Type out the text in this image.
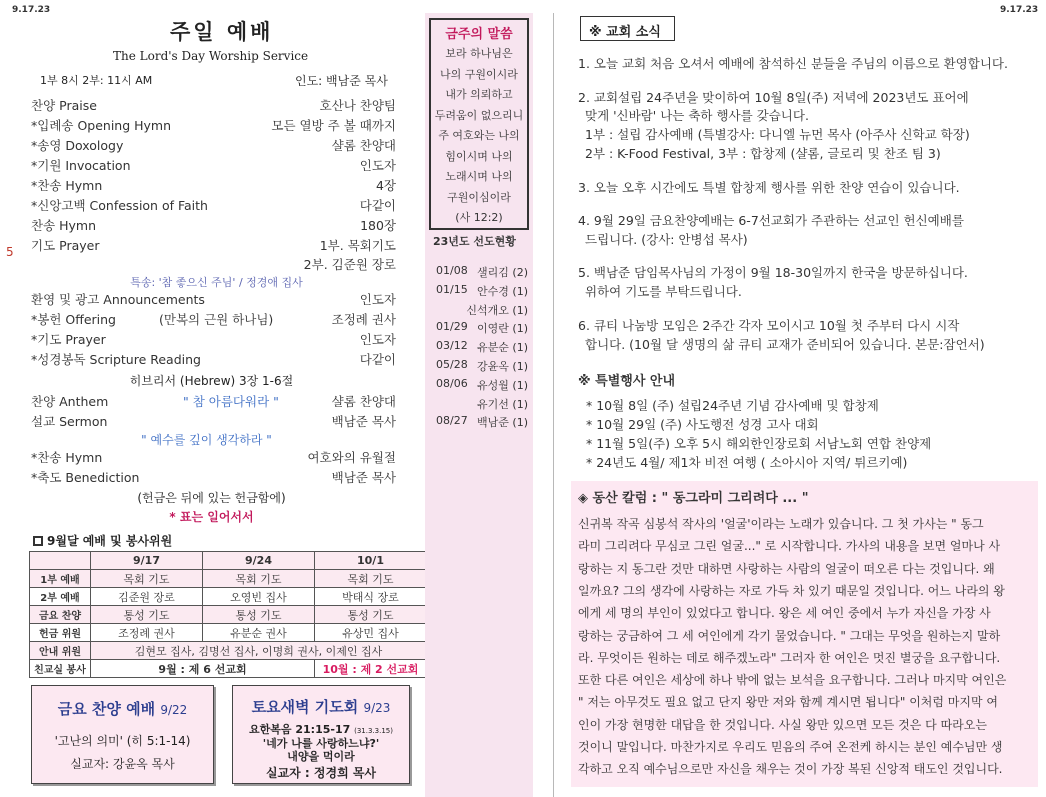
9.17.23	9.17.23
5
주일 예배
The Lord's Day Worship Service
1부 8시 2부: 11시 AM	인도: 백남준 목사
찬양 Praise	호산나 찬양팀
*입례송 Opening Hymn	모든 열방 주 볼 때까지
*송영 Doxology	샬롬 찬양대
*기원 Invocation	인도자
*찬송 Hymn	4장
*신앙고백 Confession of Faith	다같이
찬송 Hymn	180장
기도 Prayer	1부. 목회기도
2부. 김준원 장로
특송: '참 좋으신 주님' / 정경애 집사
환영 및 광고 Announcements	인도자
*봉헌 Offering	(만복의 근원 하나님)	조정례 권사
*기도 Prayer	인도자
*성경봉독 Scripture Reading	다같이
히브리서 (Hebrew) 3장 1-6절
찬양 Anthem	" 참 아름다워라 "	샬롬 찬양대
설교 Sermon	백남준 목사
" 예수를 깊이 생각하라 "
*찬송 Hymn	여호와의 유월절
*축도 Benediction	백남준 목사
(헌금은 뒤에 있는 헌금함에)
* 표는 일어서서
9월달 예배 및 봉사위원
	9/17	9/24	10/1
1부 예배	목회 기도	목회 기도	목회 기도
2부 예배	김준원 장로	오영빈 집사	박태식 장로
금요 찬양	통성 기도	통성 기도	통성 기도
헌금 위원	조정례 권사	유분순 권사	유상민 집사
안내 위원	김현모 집사, 김명선 집사, 이명희 권사, 이제인 집사		
친교실 봉사	9월 : 제 6 선교회		10월 : 제 2 선교회
금요 찬양 예배 9/22
'고난의 의미' (히 5:1-14)
실교자: 강윤옥 목사
토요새벽 기도회 9/23
요한복음 21:15-17 (31.3.3.15)
'네가 나를 사랑하느냐?'
내양을 먹이라
실교자 : 정경희 목사
금주의 말씀
보라 하나님은
나의 구원이시라
내가 의뢰하고
두려움이 없으리니
주 여호와는 나의
힘이시며 나의
노래시며 나의
구원이심이라
(사 12:2)
23년도 선도현황
01/08 샐리김 (2)
01/15 안수경 (1)
신석개오 (1)
01/29 이영란 (1)
03/12 유분순 (1)
05/28 강윤옥 (1)
08/06 유성월 (1)
유기선 (1)
08/27 백남준 (1)
※ 교회 소식
1. 오늘 교회 처음 오셔서 예배에 참석하신 분들을 주님의 이름으로 환영합니다.
2. 교회설립 24주년을 맞이하여 10월 8일(주) 저녁에 2023년도 표어에
맞게 '신바람' 나는 축하 행사를 갖습니다.
1부 : 설립 감사예배 (특별강사: 다니엘 뉴먼 목사 (아주사 신학교 학장)
2부 : K-Food Festival, 3부 : 합창제 (샬롬, 글로리 및 찬조 팀 3)
3. 오늘 오후 시간에도 특별 합창제 행사를 위한 찬양 연습이 있습니다.
4. 9월 29일 금요찬양예배는 6-7선교회가 주관하는 선교인 헌신예배를
드립니다. (강사: 안병섭 목사)
5. 백남준 담임목사님의 가정이 9월 18-30일까지 한국을 방문하십니다.
위하여 기도를 부탁드립니다.
6. 큐티 나눔방 모임은 2주간 각자 모이시고 10월 첫 주부터 다시 시작
합니다. (10월 달 생명의 삶 큐티 교재가 준비되어 있습니다. 본문:잠언서)
※ 특별행사 안내
* 10월 8일 (주) 설립24주년 기념 감사예배 및 합창제
* 10월 29일 (주) 사도행전 성경 고사 대회
* 11월 5일(주) 오후 5시 해외한인장로회 서남노회 연합 찬양제
* 24년도 4월/ 제1차 비전 여행 ( 소아시아 지역/ 튀르키예)
◈ 동산 칼럼 : " 동그라미 그리려다 ... "
신귀복 작곡 심봉석 작사의 '얼굴'이라는 노래가 있습니다. 그 첫 가사는 " 동그
라미 그리려다 무심코 그린 얼굴..." 로 시작합니다. 가사의 내용을 보면 얼마나 사
랑하는 지 동그란 것만 대하면 사랑하는 사람의 얼굴이 떠오른 다는 것입니다. 왜
일까요? 그의 생각에 사랑하는 자로 가득 차 있기 때문일 것입니다. 어느 나라의 왕
에게 세 명의 부인이 있었다고 합니다. 왕은 세 여인 중에서 누가 자신을 가장 사
랑하는 궁금하여 그 세 여인에게 각기 물었습니다. " 그대는 무엇을 원하는지 말하
라. 무엇이든 원하는 데로 해주겠노라" 그러자 한 여인은 멋진 별궁을 요구합니다.
또한 다른 여인은 세상에 하나 밖에 없는 보석을 요구합니다. 그러나 마지막 여인은
" 저는 아무것도 필요 없고 단지 왕만 저와 함께 계시면 됩니다" 이처럼 마지막 여
인이 가장 현명한 대답을 한 것입니다. 사실 왕만 있으면 모든 것은 다 따라오는
것이니 말입니다. 마찬가지로 우리도 믿음의 주여 온전케 하시는 분인 예수님만 생
각하고 오직 예수님으로만 자신을 채우는 것이 가장 복된 신앙적 태도인 것입니다.
